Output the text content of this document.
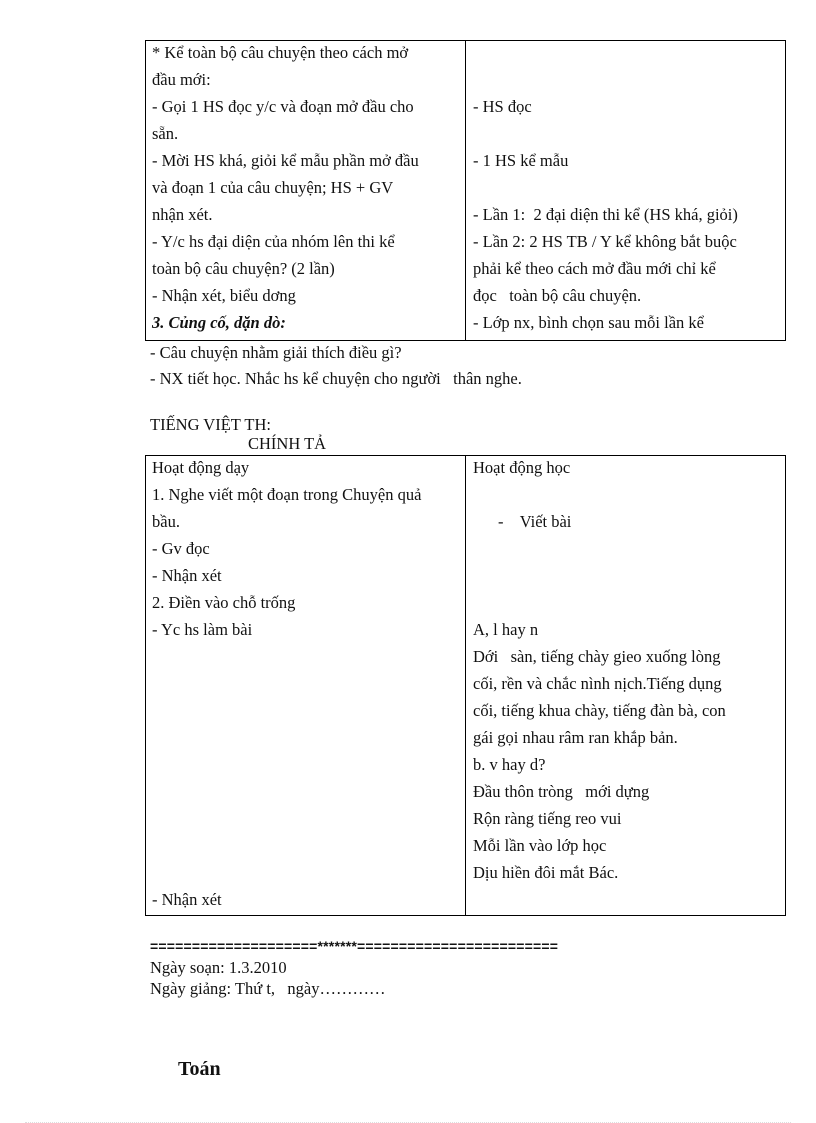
* Kể toàn bộ câu chuyện theo cách mở
đầu mới:
- Gọi 1 HS đọc y/c và đoạn mở đầu cho
sẵn.
- Mời HS khá, giỏi kể mẫu phần mở đầu
và đoạn 1 của câu chuyện; HS + GV
nhận xét.
- Y/c hs đại diện của nhóm lên thi kể
toàn bộ câu chuyện? (2 lần)
- Nhận xét, biểu dơng
3. Củng cố, dặn dò:
- HS đọc
- 1 HS kể mẫu
- Lần 1:  2 đại diện thi kể (HS khá, giỏi)
- Lần 2: 2 HS TB / Y kể không bắt buộc
phải kể theo cách mở đầu mới chỉ kể
đọc   toàn bộ câu chuyện.
- Lớp nx, bình chọn sau mỗi lần kể
- Câu chuyện nhằm giải thích điều gì?
- NX tiết học. Nhắc hs kể chuyện cho người   thân nghe.
TIẾNG VIỆT TH:
CHÍNH TẢ
Hoạt động dạy
1. Nghe viết một đoạn trong Chuyện quả
bầu.
- Gv đọc
- Nhận xét
2. Điền vào chỗ trống
- Yc hs làm bài
- Nhận xét
Hoạt động học
-    Viết bài
A, l hay n
Dới   sàn, tiếng chày gieo xuống lòng
cối, rền và chắc nình nịch.Tiếng dụng
cối, tiếng khua chày, tiếng đàn bà, con
gái gọi nhau râm ran khắp bản.
b. v hay d?
Đầu thôn tròng   mới dựng
Rộn ràng tiếng reo vui
Mỗi lần vào lớp học
Dịu hiền đôi mắt Bác.
====================*******========================
Ngày soạn: 1.3.2010
Ngày giảng: Thứ t,   ngày…………
Toán
